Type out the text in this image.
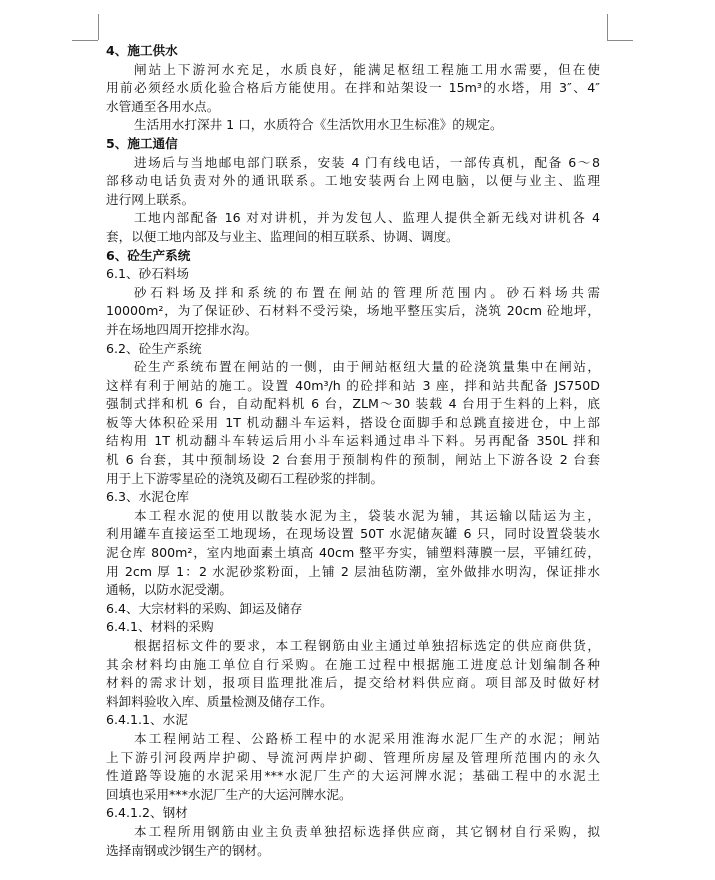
4、施工供水
闸站上下游河水充足，水质良好，能满足枢纽工程施工用水需要，但在使
用前必须经水质化验合格后方能使用。在拌和站架设一 15m³的水塔，用 3″、4″
水管通至各用水点。
生活用水打深井 1 口，水质符合《生活饮用水卫生标准》的规定。
5、施工通信
进场后与当地邮电部门联系，安装 4 门有线电话，一部传真机，配备 6～8
部移动电话负责对外的通讯联系。工地安装两台上网电脑，以便与业主、监理
进行网上联系。
工地内部配备 16 对对讲机，并为发包人、监理人提供全新无线对讲机各 4
套，以便工地内部及与业主、监理间的相互联系、协调、调度。
6、砼生产系统
6.1、砂石料场
砂石料场及拌和系统的布置在闸站的管理所范围内。砂石料场共需
10000m²，为了保证砂、石材料不受污染，场地平整压实后，浇筑 20cm 砼地坪，
并在场地四周开挖排水沟。
6.2、砼生产系统
砼生产系统布置在闸站的一侧，由于闸站枢纽大量的砼浇筑量集中在闸站，
这样有利于闸站的施工。设置 40m³/h 的砼拌和站 3 座，拌和站共配备 JS750D
强制式拌和机 6 台，自动配料机 6 台，ZLM～30 装载 4 台用于生料的上料，底
板等大体积砼采用 1T 机动翻斗车运料，搭设仓面脚手和总跳直接进仓，中上部
结构用 1T 机动翻斗车转运后用小斗车运料通过串斗下料。另再配备 350L 拌和
机 6 台套，其中预制场设 2 台套用于预制构件的预制，闸站上下游各设 2 台套
用于上下游零星砼的浇筑及砌石工程砂浆的拌制。
6.3、水泥仓库
本工程水泥的使用以散装水泥为主，袋装水泥为辅，其运输以陆运为主，
利用罐车直接运至工地现场，在现场设置 50T 水泥储灰罐 6 只，同时设置袋装水
泥仓库 800m²，室内地面素土填高 40cm 整平夯实，铺塑料薄膜一层，平铺红砖，
用 2cm 厚 1：2 水泥砂浆粉面，上铺 2 层油毡防潮，室外做排水明沟，保证排水
通畅，以防水泥受潮。
6.4、大宗材料的采购、卸运及储存
6.4.1、材料的采购
根据招标文件的要求，本工程钢筋由业主通过单独招标选定的供应商供货，
其余材料均由施工单位自行采购。在施工过程中根据施工进度总计划编制各种
材料的需求计划，报项目监理批准后，提交给材料供应商。项目部及时做好材
料卸料验收入库、质量检测及储存工作。
6.4.1.1、水泥
本工程闸站工程、公路桥工程中的水泥采用淮海水泥厂生产的水泥；闸站
上下游引河段两岸护砌、导流河两岸护砌、管理所房屋及管理所范围内的永久
性道路等设施的水泥采用***水泥厂生产的大运河牌水泥；基础工程中的水泥土
回填也采用***水泥厂生产的大运河牌水泥。
6.4.1.2、钢材
本工程所用钢筋由业主负责单独招标选择供应商，其它钢材自行采购，拟
选择南钢或沙钢生产的钢材。
